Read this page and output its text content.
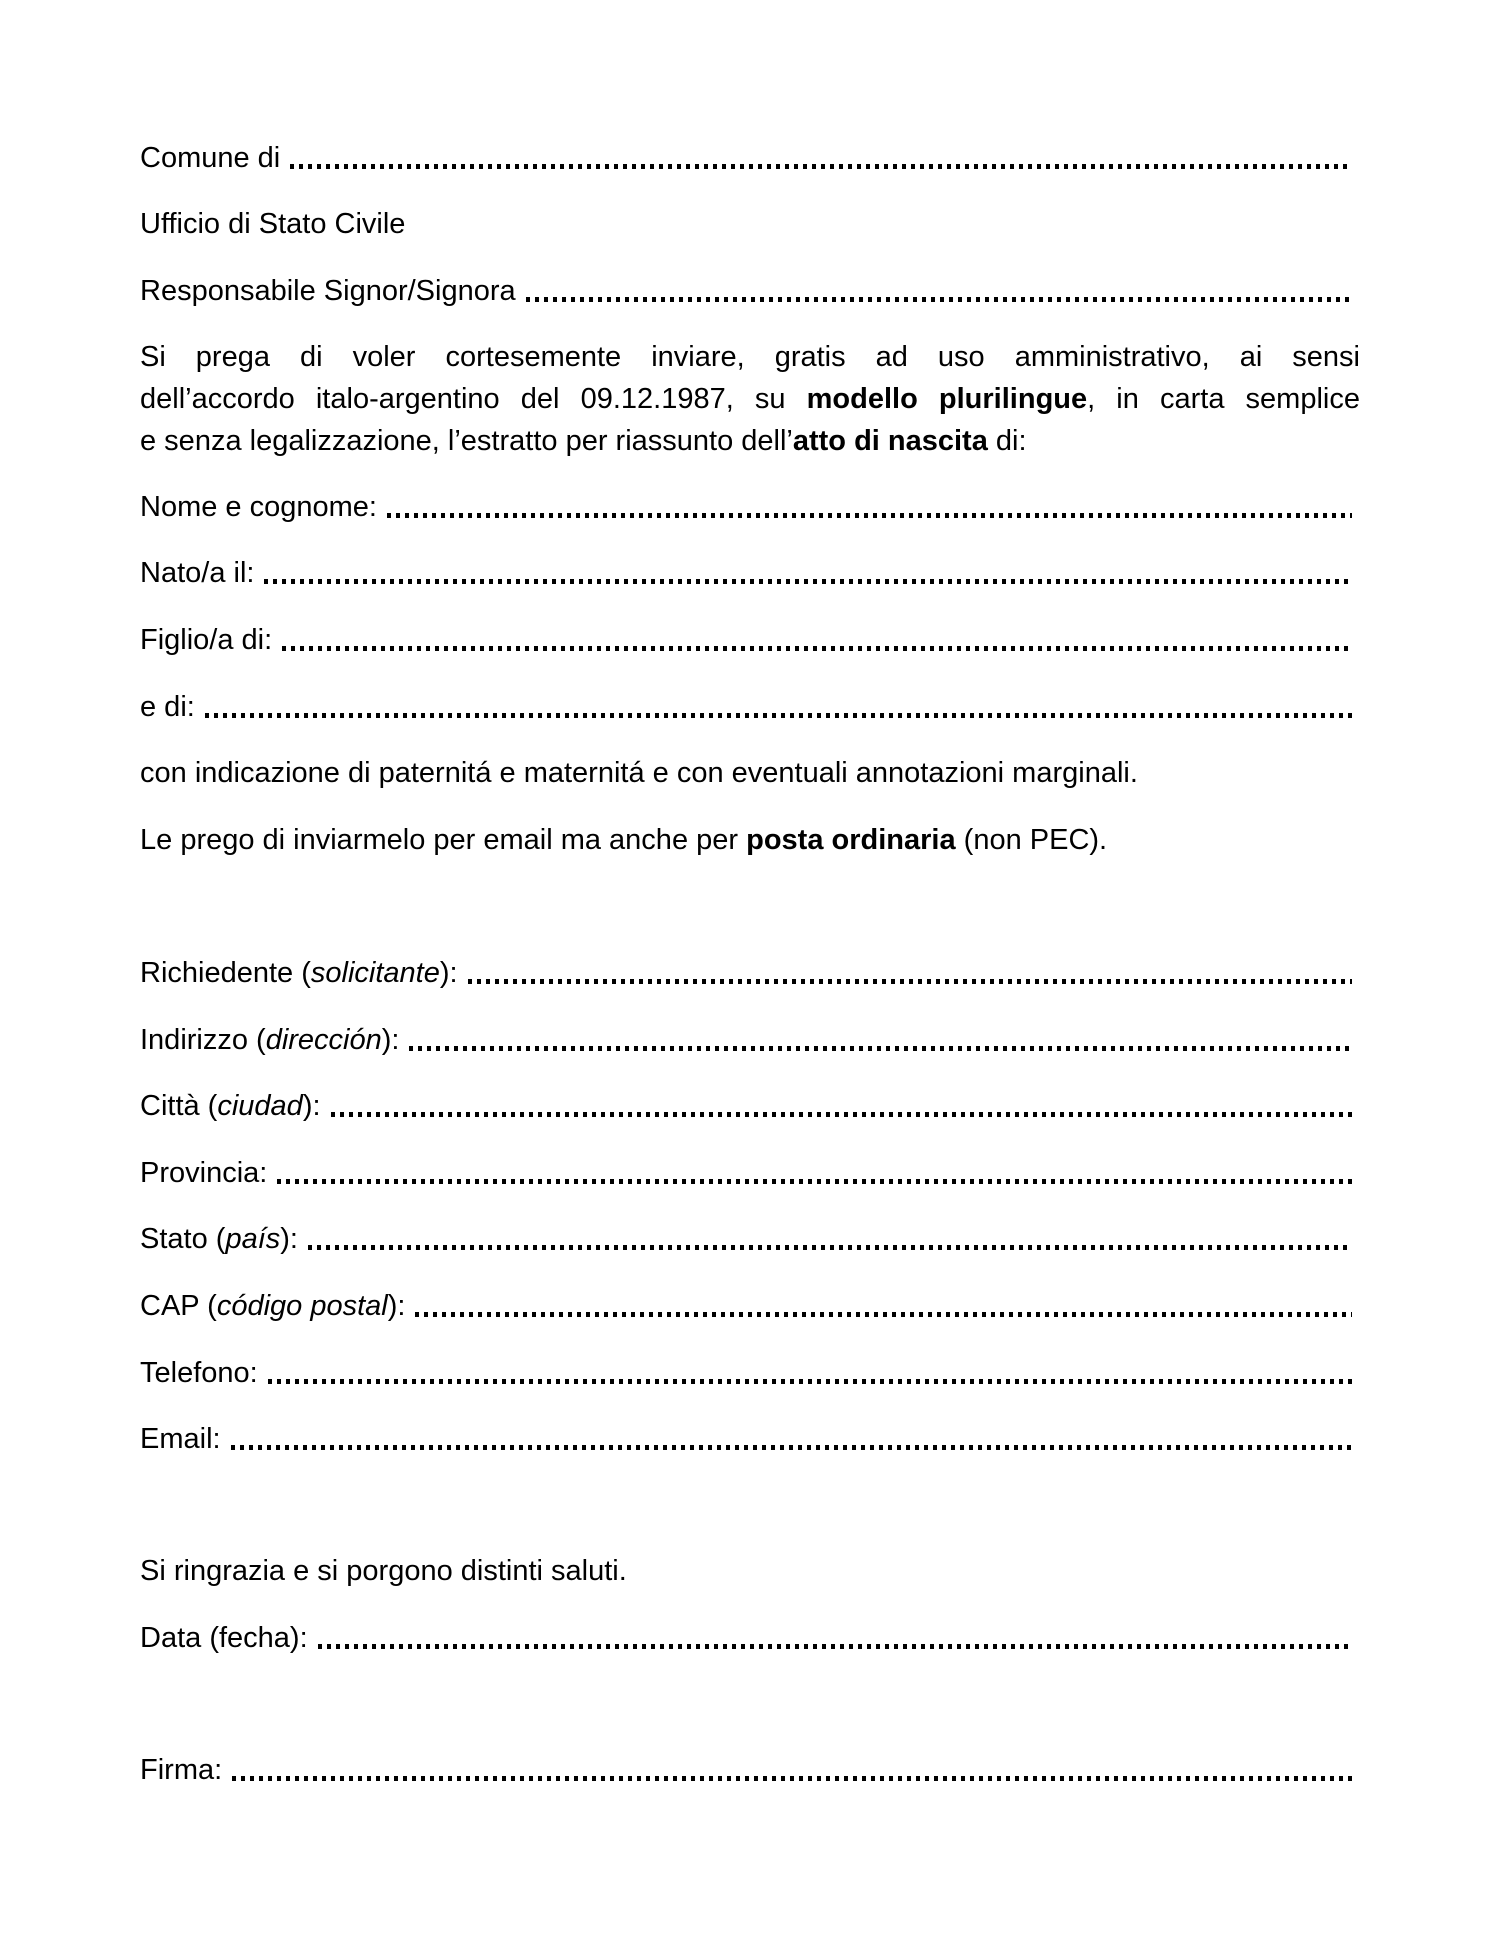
Comune di
Ufficio di Stato Civile
Responsabile Signor/Signora
Si prega di voler cortesemente inviare, gratis ad uso amministrativo, ai sensi
dell’accordo italo-argentino del 09.12.1987, su modello plurilingue, in carta semplice
e senza legalizzazione, l’estratto per riassunto dell’atto di nascita di:
Nome e cognome:
Nato/a il:
Figlio/a di:
e di:
con indicazione di paternitá e maternitá e con eventuali annotazioni marginali.
Le prego di inviarmelo per email ma anche per posta ordinaria (non PEC).
Richiedente (solicitante):
Indirizzo (dirección):
Città (ciudad):
Provincia:
Stato (país):
CAP (código postal):
Telefono:
Email:
Si ringrazia e si porgono distinti saluti.
Data (fecha):
Firma:
